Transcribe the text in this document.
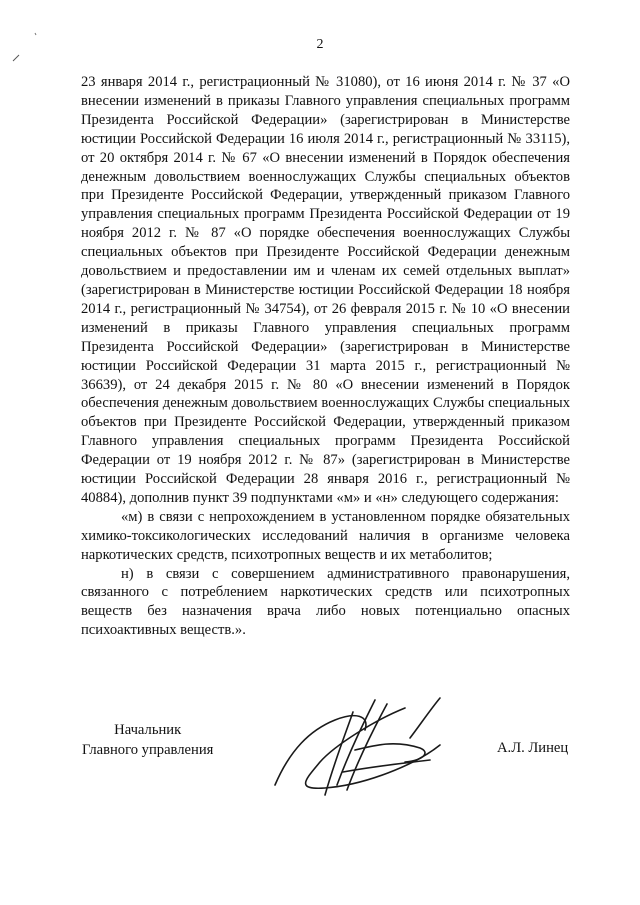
2

23 января 2014 г., регистрационный № 31080), от 16 июня 2014 г. № 37 «О внесении изменений в приказы Главного управления специальных программ Президента Российской Федерации» (зарегистрирован в Министерстве юстиции Российской Федерации 16 июля 2014 г., регистрационный № 33115), от 20 октября 2014 г. № 67 «О внесении изменений в Порядок обеспечения денежным довольствием военнослужащих Службы специальных объектов при Президенте Российской Федерации, утвержденный приказом Главного управления специальных программ Президента Российской Федерации от 19 ноября 2012 г. № 87 «О порядке обеспечения военнослужащих Службы специальных объектов при Президенте Российской Федерации денежным довольствием и предоставлении им и членам их семей отдельных выплат» (зарегистрирован в Министерстве юстиции Российской Федерации 18 ноября 2014 г., регистрационный № 34754), от 26 февраля 2015 г. № 10 «О внесении изменений в приказы Главного управления специальных программ Президента Российской Федерации» (зарегистрирован в Министерстве юстиции Российской Федерации 31 марта 2015 г., регистрационный № 36639), от 24 декабря 2015 г. № 80 «О внесении изменений в Порядок обеспечения денежным довольствием военнослужащих Службы специальных объектов при Президенте Российской Федерации, утвержденный приказом Главного управления специальных программ Президента Российской Федерации от 19 ноября 2012 г. № 87» (зарегистрирован в Министерстве юстиции Российской Федерации 28 января 2016 г., регистрационный № 40884), дополнив пункт 39 подпунктами «м» и «н» следующего содержания:

«м) в связи с непрохождением в установленном порядке обязательных химико-токсикологических исследований наличия в организме человека наркотических средств, психотропных веществ и их метаболитов;

н) в связи с совершением административного правонарушения, связанного с потреблением наркотических средств или психотропных веществ без назначения врача либо новых потенциально опасных психоактивных веществ.».

Начальник
Главного управления	А.Л. Линец
